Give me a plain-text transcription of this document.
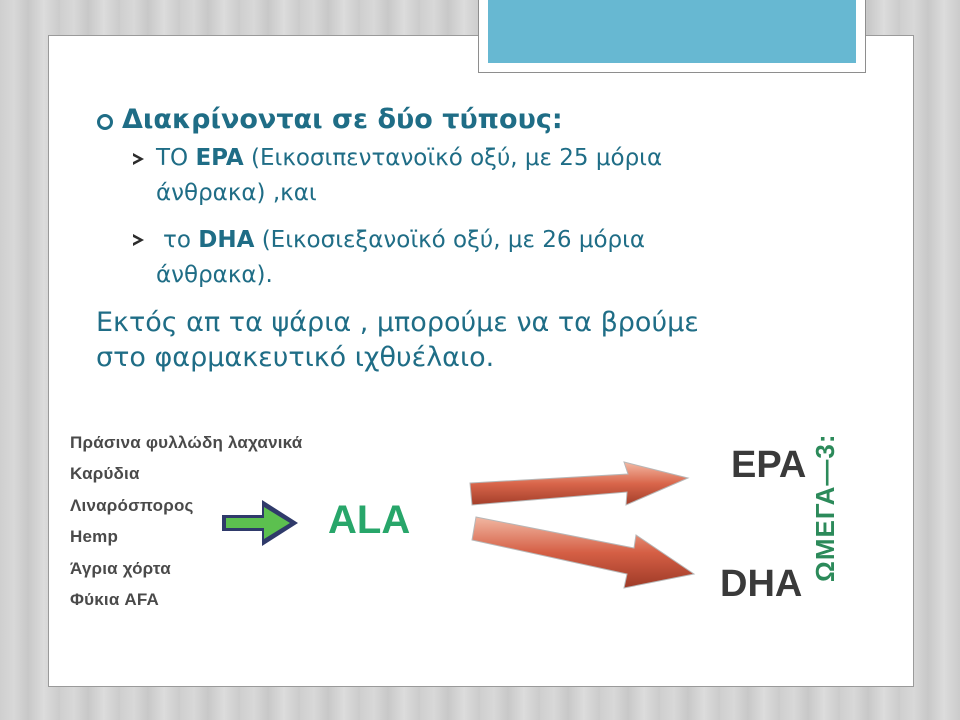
Διακρίνονται σε δύο τύπους:
ΤΟ EPA (Εικοσιπεντανοϊκό οξύ, με 25 μόρια
άνθρακα) ,και
το DHA (Εικοσιεξανοϊκό οξύ, με 26 μόρια
άνθρακα).
Εκτός απ τα ψάρια , μπορούμε να τα βρούμε
στο φαρμακευτικό ιχθυέλαιο.
Πράσινα φυλλώδη λαχανικά
Καρύδια
Λιναρόσπορος
Hemp
Άγρια χόρτα
Φύκια AFA
ALA
EPA
DHA
ΩΜΕΓΑ—3:
